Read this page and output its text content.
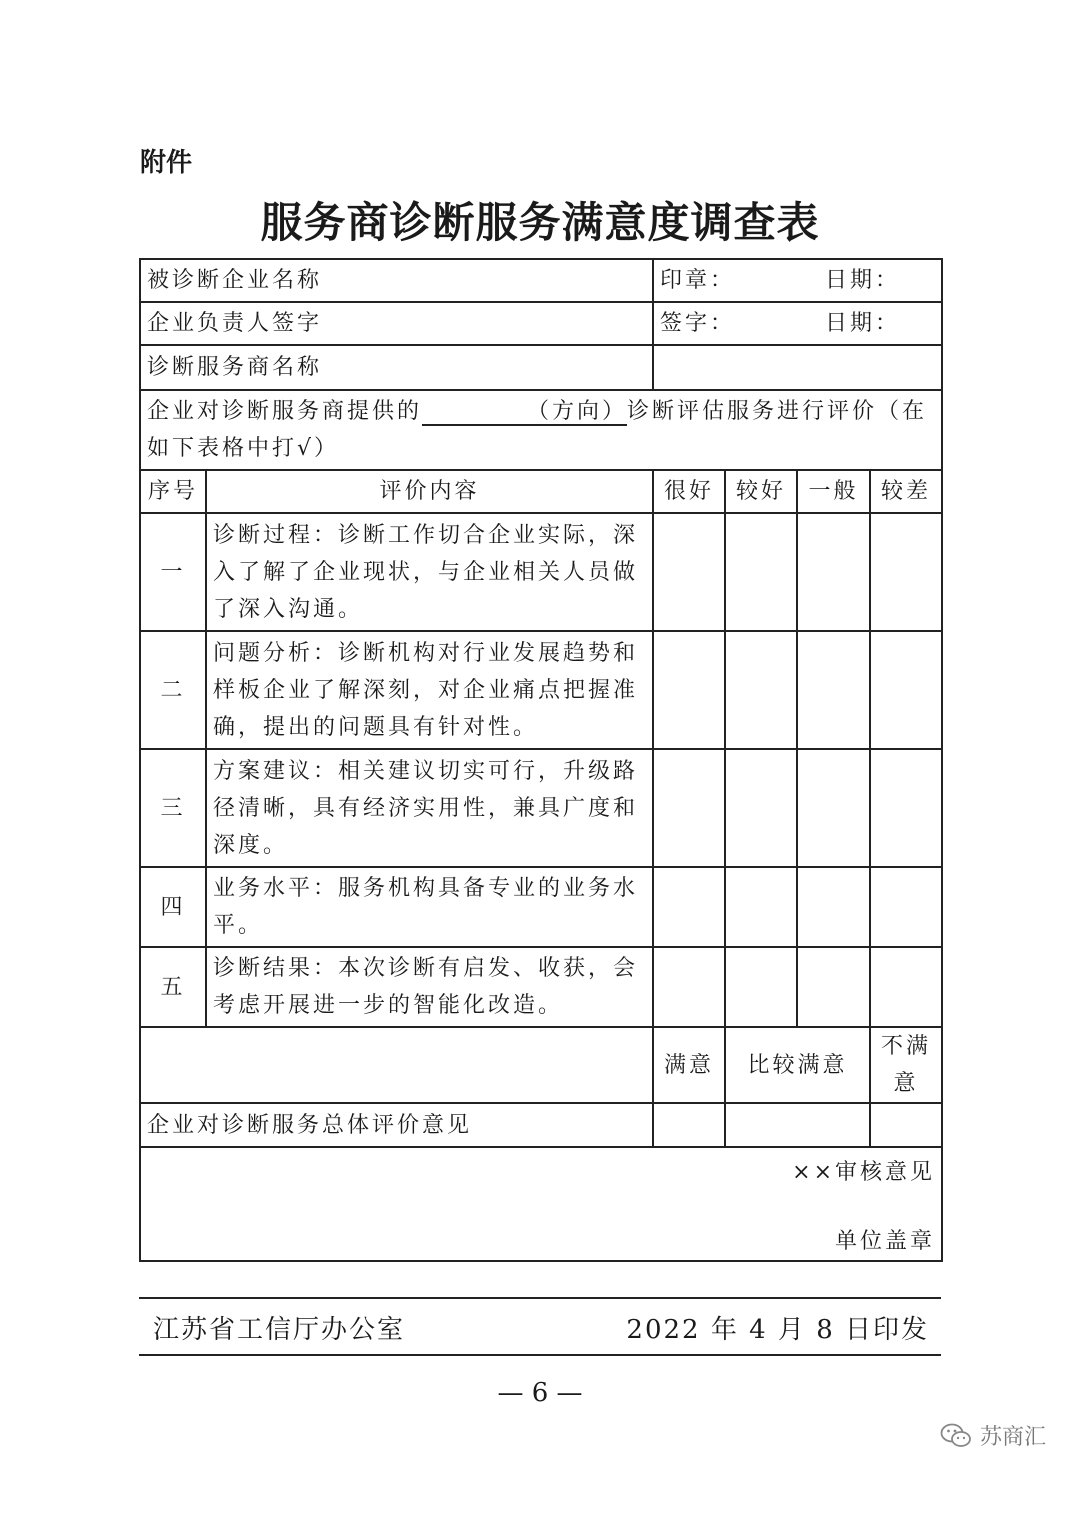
附件
服务商诊断服务满意度调查表
被诊断企业名称		印章： 日期：			
企业负责人签字		签字： 日期：			
诊断服务商名称					
企业对诊断服务商提供的 （方向）诊断评估服务进行评价（在如下表格中打√）					
序号	评价内容	很好	较好	一般	较差
一	诊断过程：诊断工作切合企业实际，深入了解了企业现状，与企业相关人员做了深入沟通。				
二	问题分析：诊断机构对行业发展趋势和样板企业了解深刻，对企业痛点把握准确，提出的问题具有针对性。				
三	方案建议：相关建议切实可行，升级路径清晰，具有经济实用性，兼具广度和深度。				
四	业务水平：服务机构具备专业的业务水平。				
五	诊断结果：本次诊断有启发、收获，会考虑开展进一步的智能化改造。				
		满意	比较满意		不满意
企业对诊断服务总体评价意见					

××审核意见
单位盖章					
江苏省工信厅办公室	2022 年 4 月 8 日印发
— 6 —
苏商汇
